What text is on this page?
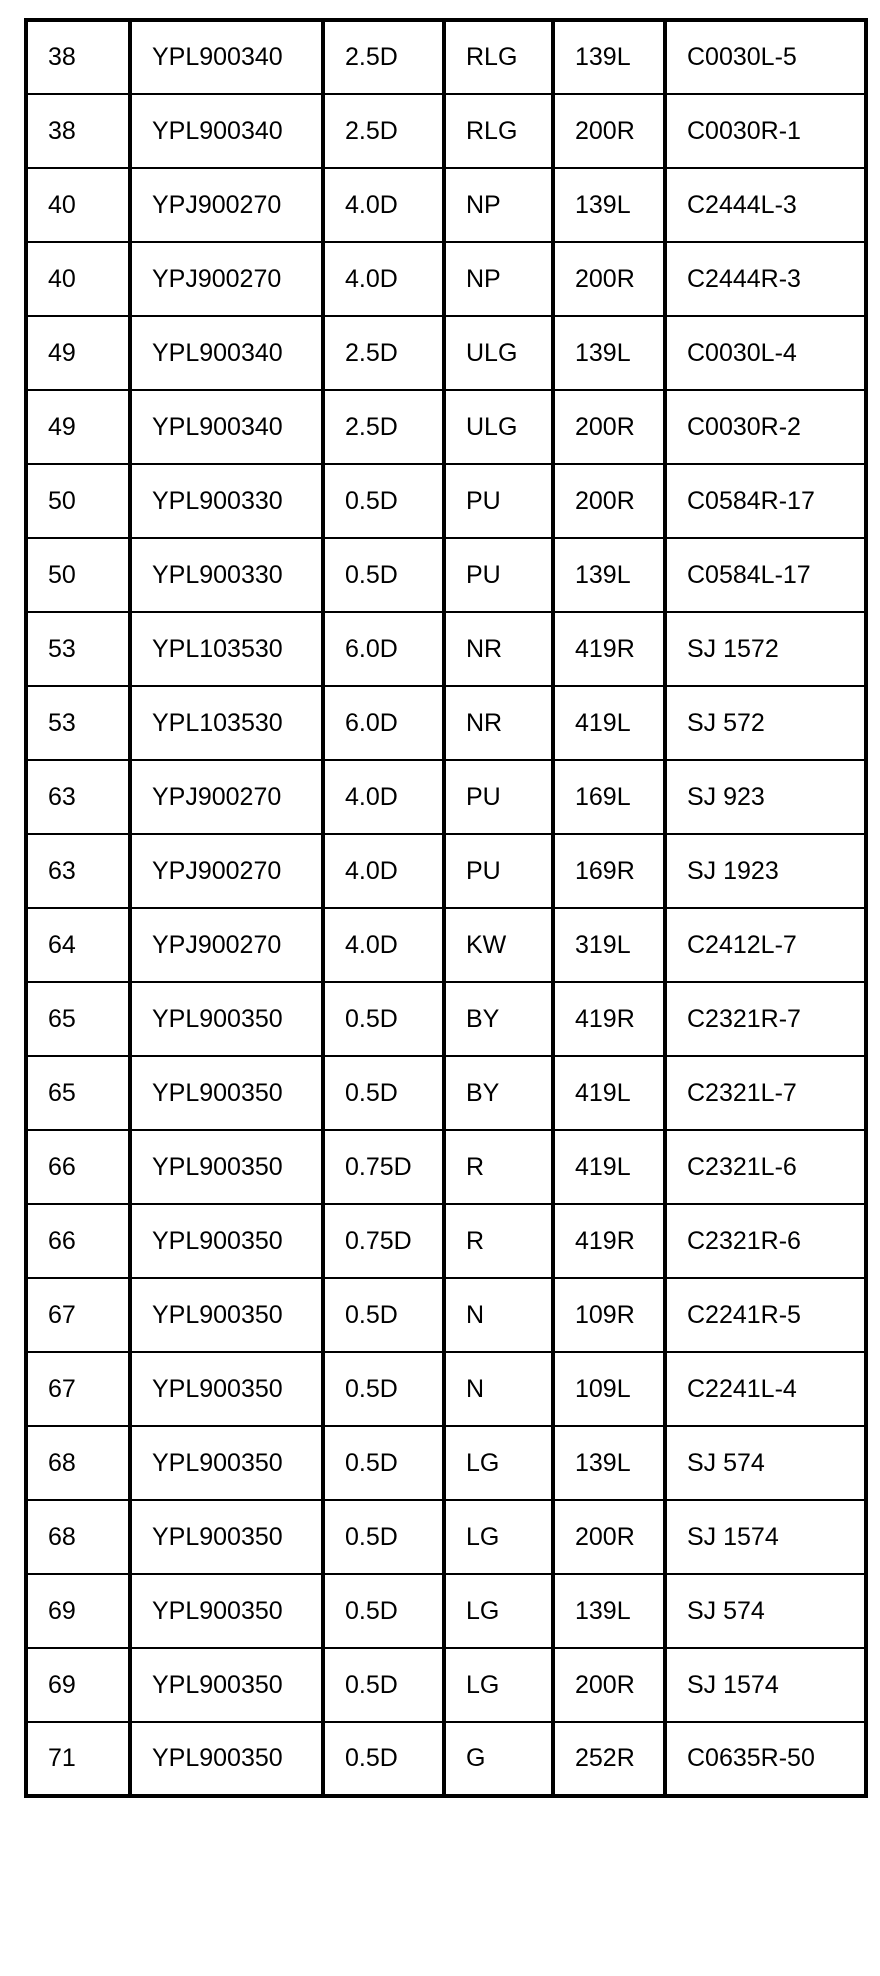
38	YPL900340	2.5D	RLG	139L	C0030L-5
38	YPL900340	2.5D	RLG	200R	C0030R-1
40	YPJ900270	4.0D	NP	139L	C2444L-3
40	YPJ900270	4.0D	NP	200R	C2444R-3
49	YPL900340	2.5D	ULG	139L	C0030L-4
49	YPL900340	2.5D	ULG	200R	C0030R-2
50	YPL900330	0.5D	PU	200R	C0584R-17
50	YPL900330	0.5D	PU	139L	C0584L-17
53	YPL103530	6.0D	NR	419R	SJ 1572
53	YPL103530	6.0D	NR	419L	SJ 572
63	YPJ900270	4.0D	PU	169L	SJ 923
63	YPJ900270	4.0D	PU	169R	SJ 1923
64	YPJ900270	4.0D	KW	319L	C2412L-7
65	YPL900350	0.5D	BY	419R	C2321R-7
65	YPL900350	0.5D	BY	419L	C2321L-7
66	YPL900350	0.75D	R	419L	C2321L-6
66	YPL900350	0.75D	R	419R	C2321R-6
67	YPL900350	0.5D	N	109R	C2241R-5
67	YPL900350	0.5D	N	109L	C2241L-4
68	YPL900350	0.5D	LG	139L	SJ 574
68	YPL900350	0.5D	LG	200R	SJ 1574
69	YPL900350	0.5D	LG	139L	SJ 574
69	YPL900350	0.5D	LG	200R	SJ 1574
71	YPL900350	0.5D	G	252R	C0635R-50
